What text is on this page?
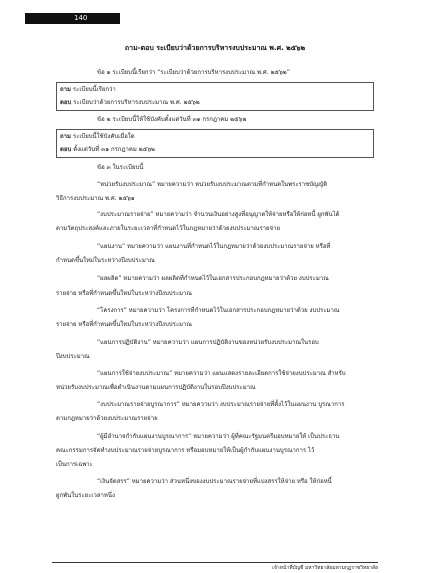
140
ถาม-ตอบ ระเบียบว่าด้วยการบริหารงบประมาณ พ.ศ. ๒๕๖๒
ข้อ ๑ ระเบียบนี้เรียกว่า “ระเบียบว่าด้วยการบริหารงบประมาณ พ.ศ. ๒๕๖๒”
ถาม ระเบียบนี้เรียกว่า
ตอบ ระเบียบว่าด้วยการบริหารงบประมาณ พ.ศ. ๒๕๖๒
ข้อ ๒ ระเบียบนี้ให้ใช้บังคับตั้งแต่วันที่ ๓๑ กรกฎาคม ๒๕๖๒
ถาม ระเบียบนี้ใช้บังคับเมื่อใด
ตอบ ตั้งแต่วันที่ ๓๑ กรกฎาคม ๒๕๖๒
ข้อ ๓ ในระเบียบนี้
“หน่วยรับงบประมาณ” หมายความว่า หน่วยรับงบประมาณตามที่กำหนดในพระราชบัญญัติ
วิธีการงบประมาณ พ.ศ. ๒๕๖๑
“งบประมาณรายจ่าย” หมายความว่า จำนวนเงินอย่างสูงที่อนุญาตให้จ่ายหรือให้ก่อหนี้ ผูกพันได้
ตามวัตถุประสงค์และภายในระยะเวลาที่กำหนดไว้ในกฎหมายว่าด้วยงบประมาณรายจ่าย
“แผนงาน” หมายความว่า แผนงานที่กำหนดไว้ในกฎหมายว่าด้วยงบประมาณรายจ่าย หรือที่
กำหนดขึ้นใหม่ในระหว่างปีงบประมาณ
“ผลผลิต” หมายความว่า ผลผลิตที่กำหนดไว้ในเอกสารประกอบกฎหมายว่าด้วย งบประมาณ
รายจ่าย หรือที่กำหนดขึ้นใหม่ในระหว่างปีงบประมาณ
“โครงการ” หมายความว่า โครงการที่กำหนดไว้ในเอกสารประกอบกฎหมายว่าด้วย งบประมาณ
รายจ่าย หรือที่กำหนดขึ้นใหม่ในระหว่างปีงบประมาณ
“แผนการปฏิบัติงาน” หมายความว่า แผนการปฏิบัติงานของหน่วยรับงบประมาณในรอบ
ปีงบประมาณ
“แผนการใช้จ่ายงบประมาณ” หมายความว่า แผนแสดงรายละเอียดการใช้จ่ายงบประมาณ สำหรับ
หน่วยรับงบประมาณเพื่อดำเนินงานตามแผนการปฏิบัติงานในรอบปีงบประมาณ
“งบประมาณรายจ่ายบูรณาการ” หมายความว่า งบประมาณรายจ่ายที่ตั้งไว้ในแผนงาน บูรณาการ
ตามกฎหมายว่าด้วยงบประมาณรายจ่าย
“ผู้มีอำนาจกำกับแผนงานบูรณาการ” หมายความว่า ผู้ที่คณะรัฐมนตรีมอบหมายให้ เป็นประธาน
คณะกรรมการจัดทำงบประมาณรายจ่ายบูรณาการ หรือมอบหมายให้เป็นผู้กำกับแผนงานบูรณาการ ไว้
เป็นการเฉพาะ
“เงินจัดสรร” หมายความว่า ส่วนหนึ่งของงบประมาณรายจ่ายที่แบ่งสรรให้จ่าย หรือ ให้ก่อหนี้
ผูกพันในระยะเวลาหนึ่ง
เจ้าหน้าที่บัญชี มหาวิทยาลัยมหามกุฏราชวิทยาลัย
